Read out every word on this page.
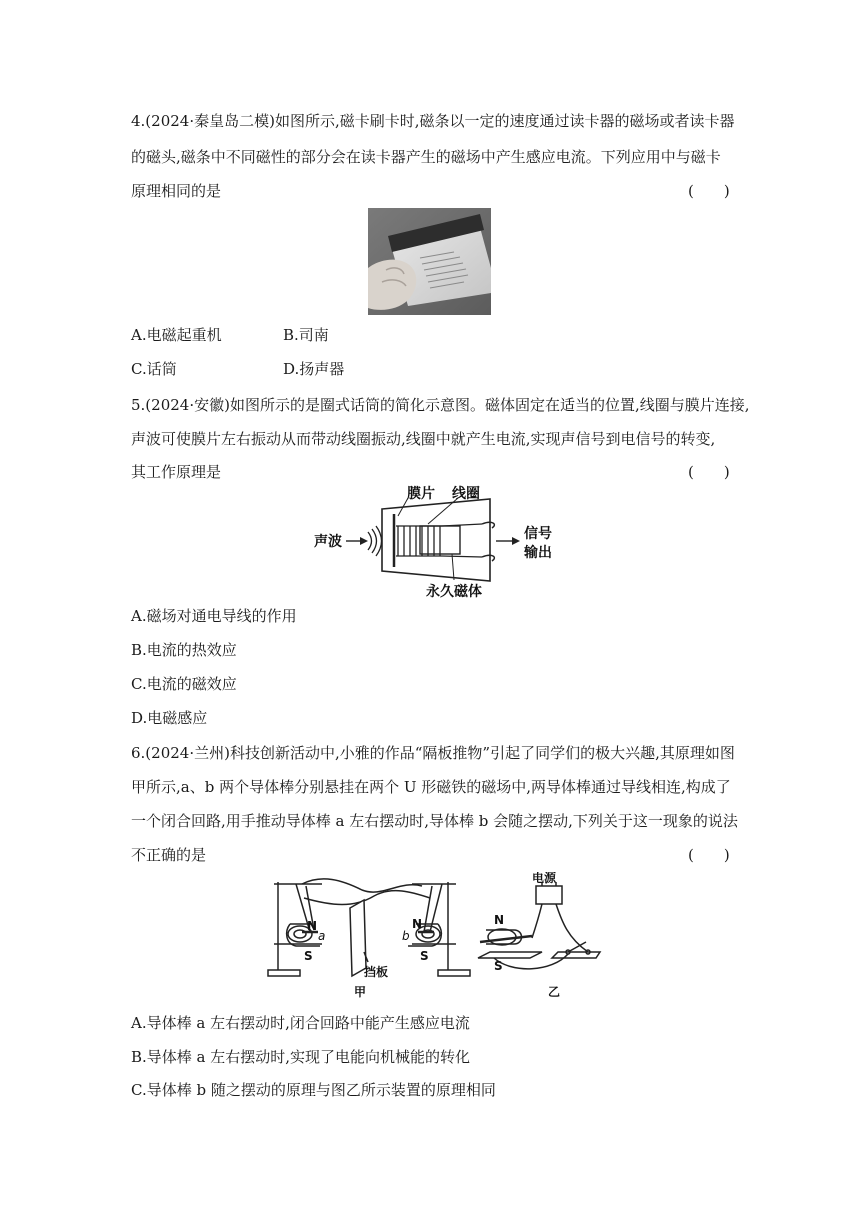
4.(2024·秦皇岛二模)如图所示,磁卡刷卡时,磁条以一定的速度通过读卡器的磁场或者读卡器
的磁头,磁条中不同磁性的部分会在读卡器产生的磁场中产生感应电流。下列应用中与磁卡
原理相同的是	(　　)
A.电磁起重机	B.司南
C.话筒	D.扬声器
5.(2024·安徽)如图所示的是圈式话筒的简化示意图。磁体固定在适当的位置,线圈与膜片连接,
声波可使膜片左右振动从而带动线圈振动,线圈中就产生电流,实现声信号到电信号的转变,
其工作原理是	(　　)
膜片 线圈
声波	信号
输出
永久磁体
A.磁场对通电导线的作用
B.电流的热效应
C.电流的磁效应
D.电磁感应
6.(2024·兰州)科技创新活动中,小雅的作品“隔板推物”引起了同学们的极大兴趣,其原理如图
甲所示,a、b 两个导体棒分别悬挂在两个 U 形磁铁的磁场中,两导体棒通过导线相连,构成了
一个闭合回路,用手推动导体棒 a 左右摆动时,导体棒 b 会随之摆动,下列关于这一现象的说法
不正确的是	(　　)
N
a
S
b
N
S
挡板
甲
电源
N
S
乙
A.导体棒 a 左右摆动时,闭合回路中能产生感应电流
B.导体棒 a 左右摆动时,实现了电能向机械能的转化
C.导体棒 b 随之摆动的原理与图乙所示装置的原理相同
